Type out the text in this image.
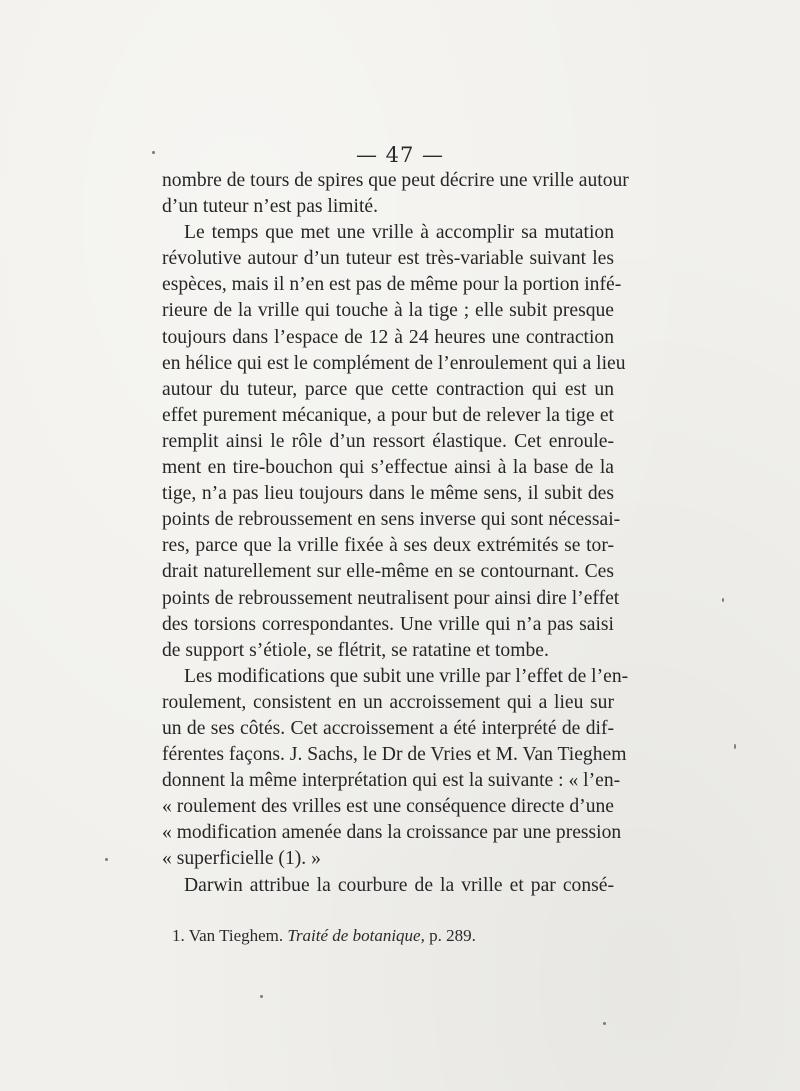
— 47 —
nombre de tours de spires que peut décrire une vrille autour
d’un tuteur n’est pas limité.
Le temps que met une vrille à accomplir sa mutation
révolutive autour d’un tuteur est très-variable suivant les
espèces, mais il n’en est pas de même pour la portion infé-
rieure de la vrille qui touche à la tige ; elle subit presque
toujours dans l’espace de 12 à 24 heures une contraction
en hélice qui est le complément de l’enroulement qui a lieu
autour du tuteur, parce que cette contraction qui est un
effet purement mécanique, a pour but de relever la tige et
remplit ainsi le rôle d’un ressort élastique. Cet enroule-
ment en tire-bouchon qui s’effectue ainsi à la base de la
tige, n’a pas lieu toujours dans le même sens, il subit des
points de rebroussement en sens inverse qui sont nécessai-
res, parce que la vrille fixée à ses deux extrémités se tor-
drait naturellement sur elle-même en se contournant. Ces
points de rebroussement neutralisent pour ainsi dire l’effet
des torsions correspondantes. Une vrille qui n’a pas saisi
de support s’étiole, se flétrit, se ratatine et tombe.
Les modifications que subit une vrille par l’effet de l’en-
roulement, consistent en un accroissement qui a lieu sur
un de ses côtés. Cet accroissement a été interprété de dif-
férentes façons. J. Sachs, le Dr de Vries et M. Van Tieghem
donnent la même interprétation qui est la suivante : « l’en-
« roulement des vrilles est une conséquence directe d’une
« modification amenée dans la croissance par une pression
« superficielle (1). »
Darwin attribue la courbure de la vrille et par consé-
1. Van Tieghem. Traité de botanique, p. 289.
